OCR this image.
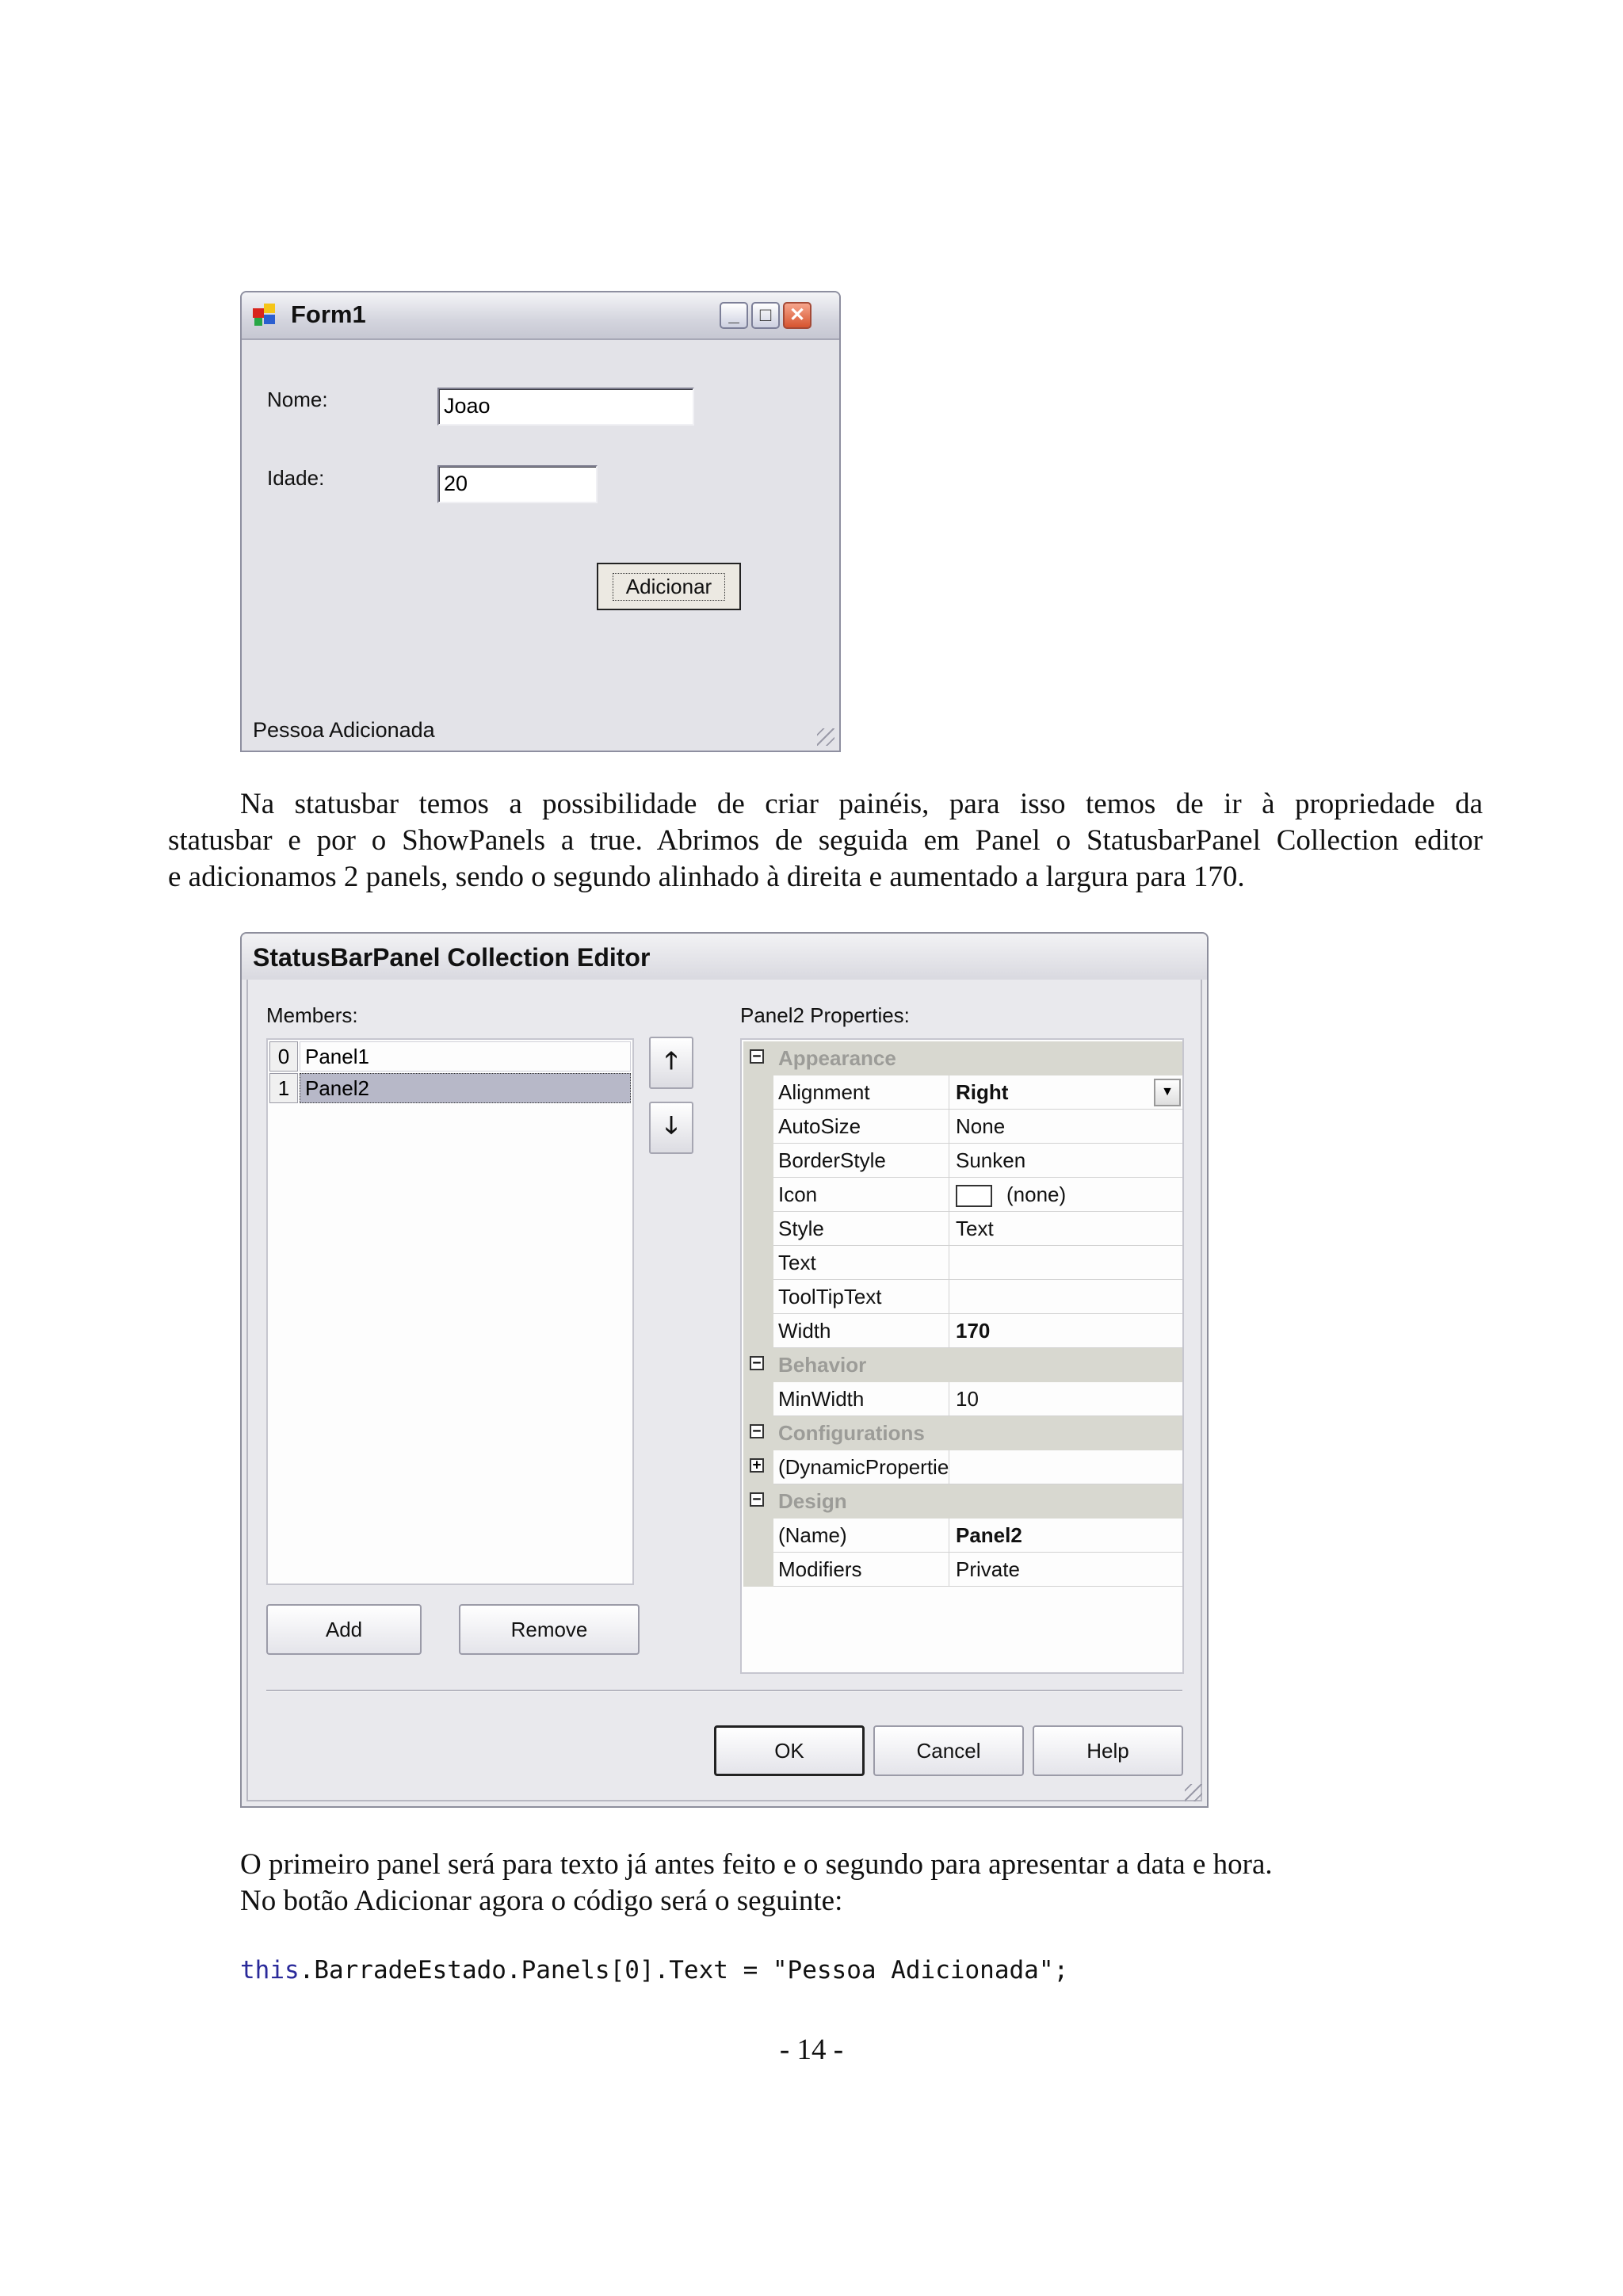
Form1	_	□ ✕
Nome:	Joao
Idade:	20
Adicionar
Pessoa Adicionada
Na statusbar temos a possibilidade de criar painéis, para isso temos de ir à propriedade da
statusbar e por o ShowPanels a true. Abrimos de seguida em Panel o StatusbarPanel Collection editor
e adicionamos 2 panels, sendo o segundo alinhado à direita e aumentado a largura para 170.
StatusBarPanel Collection Editor
Members:
0 Panel1
1 Panel2
🡑
🡓
Panel2 Properties:
− Appearance
Alignment	Right	▼
AutoSize	None
BorderStyle	Sunken
Icon	(none)
Style	Text
Text
ToolTipText
Width	170
− Behavior
MinWidth	10
− Configurations
+ (DynamicPropertie
− Design
(Name)	Panel2
Modifiers	Private
Add	Remove
OK	Cancel	Help
O primeiro panel será para texto já antes feito e o segundo para apresentar a data e hora.
No botão Adicionar agora o código será o seguinte:
this.BarradeEstado.Panels[0].Text = "Pessoa Adicionada";
- 14 -
